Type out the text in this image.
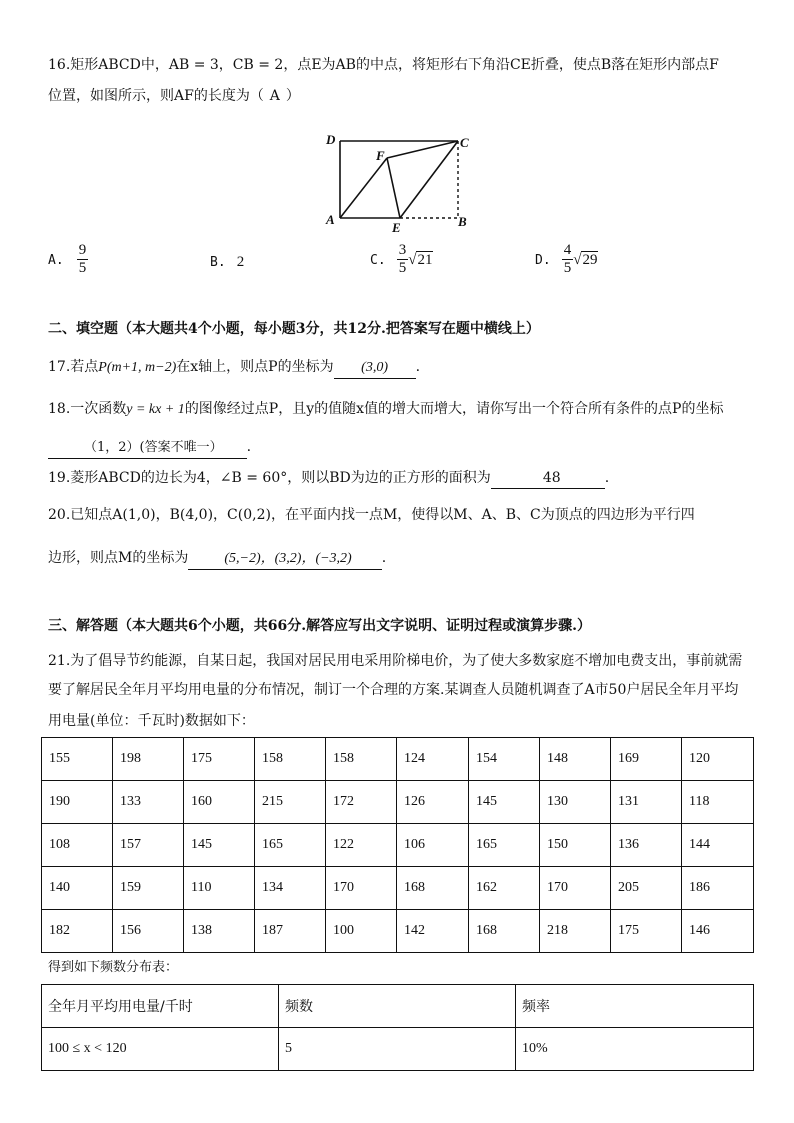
16.矩形ABCD中，AB = 3，CB = 2，点E为AB的中点，将矩形右下角沿CE折叠，使点B落在矩形内部点F
位置，如图所示，则AF的长度为（ A ）
D	C
F
A
E	B
A. $\frac{9}{5}$	B. 2	C. $\frac{3}{5} √21$	D. $\frac{4}{5} √29$
二、填空题（本大题共4个小题，每小题3分，共12分.把答案写在题中横线上）
17.若点P(m+1, m−2)在x轴上，则点P的坐标为 (3,0) .
18.一次函数y = kx + 1的图像经过点P，且y的值随x值的增大而增大，请你写出一个符合所有条件的点P的坐标
（1，2）(答案不唯一） .
19.菱形ABCD的边长为4，∠B = 60°，则以BD为边的正方形的面积为	48	.
20.已知点A(1,0)，B(4,0)，C(0,2)，在平面内找一点M，使得以M、A、B、C为顶点的四边形为平行四
边形，则点M的坐标为	(5,−2)，(3,2)，(−3,2) .
三、解答题（本大题共6个小题，共66分.解答应写出文字说明、证明过程或演算步骤.）
21.为了倡导节约能源，自某日起，我国对居民用电采用阶梯电价，为了使大多数家庭不增加电费支出，事前就需
要了解居民全年月平均用电量的分布情况，制订一个合理的方案.某调查人员随机调查了A市50户居民全年月平均
用电量(单位：千瓦时)数据如下：
155	198	175	158	158	124	154	148	169	120
190	133	160	215	172	126	145	130	131	118
108	157	145	165	122	106	165	150	136	144
140	159	110	134	170	168	162	170	205	186
182	156	138	187	100	142	168	218	175	146
得到如下频数分布表：
全年月平均用电量/千时	频数	频率
100 ≤ x < 120	5	10%
